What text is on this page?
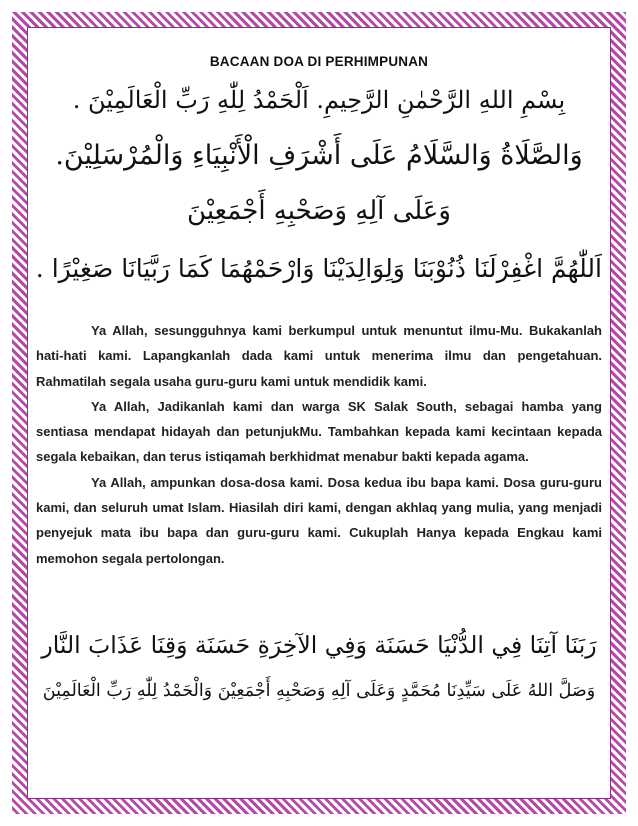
BACAAN DOA DI PERHIMPUNAN
بِسْمِ اللهِ الرَّحْمٰنِ الرَّحِيمِ. اَلْحَمْدُ لِلّٰهِ رَبِّ الْعَالَمِيْنَ .
وَالصَّلَاةُ وَالسَّلَامُ عَلَى أَشْرَفِ الْأَنْبِيَاءِ وَالْمُرْسَلِيْنَ.
وَعَلَى آلِهِ وَصَحْبِهِ أَجْمَعِيْنَ
اَللّٰهُمَّ اغْفِرْلَنَا ذُنُوْبَنَا وَلِوَالِدَيْنَا وَارْحَمْهُمَا كَمَا رَبَّيَانَا صَغِيْرًا .

Ya Allah, sesungguhnya kami berkumpul untuk menuntut ilmu-Mu. Bukakanlah hati-hati kami. Lapangkanlah dada kami untuk menerima ilmu dan pengetahuan. Rahmatilah segala usaha guru-guru kami untuk mendidik kami.

Ya Allah, Jadikanlah kami dan warga SK Salak South, sebagai hamba yang sentiasa mendapat hidayah dan petunjukMu. Tambahkan kepada kami kecintaan kepada segala kebaikan, dan terus istiqamah berkhidmat menabur bakti kepada agama.

Ya Allah, ampunkan dosa-dosa kami. Dosa kedua ibu bapa kami. Dosa guru-guru kami, dan seluruh umat Islam. Hiasilah diri kami, dengan akhlaq yang mulia, yang menjadi penyejuk mata ibu bapa dan guru-guru kami. Cukuplah Hanya kepada Engkau kami memohon segala pertolongan.

رَبَنَا آتِنَا فِي الدُّنْيَا حَسَنَة وَفِي الآخِرَةِ حَسَنَة وَقِنَا عَذَابَ النَّار
وَصَلَّ اللهُ عَلَى سَيِّدِنَا مُحَمَّدٍ وَعَلَى آلِهِ وَصَحْبِهِ أَجْمَعِيْنَ وَالْحَمْدُ لِلّٰهِ رَبِّ الْعَالَمِيْنَ
